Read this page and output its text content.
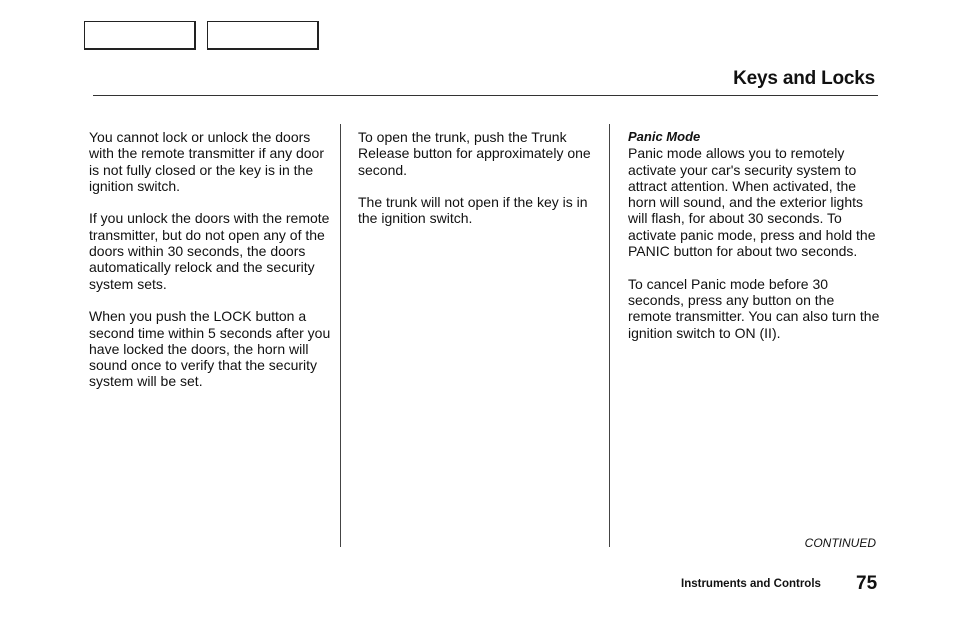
Keys and Locks

You cannot lock or unlock the doors with the remote transmitter if any door is not fully closed or the key is in the ignition switch.

If you unlock the doors with the remote transmitter, but do not open any of the doors within 30 seconds, the doors automatically relock and the security system sets.

When you push the LOCK button a second time within 5 seconds after you have locked the doors, the horn will sound once to verify that the security system will be set.

To open the trunk, push the Trunk Release button for approximately one second.

The trunk will not open if the key is in the ignition switch.

Panic Mode

Panic mode allows you to remotely activate your car's security system to attract attention. When activated, the horn will sound, and the exterior lights will flash, for about 30 seconds. To activate panic mode, press and hold the PANIC button for about two seconds.

To cancel Panic mode before 30 seconds, press any button on the remote transmitter. You can also turn the ignition switch to ON (II).

CONTINUED
Instruments and Controls 75
